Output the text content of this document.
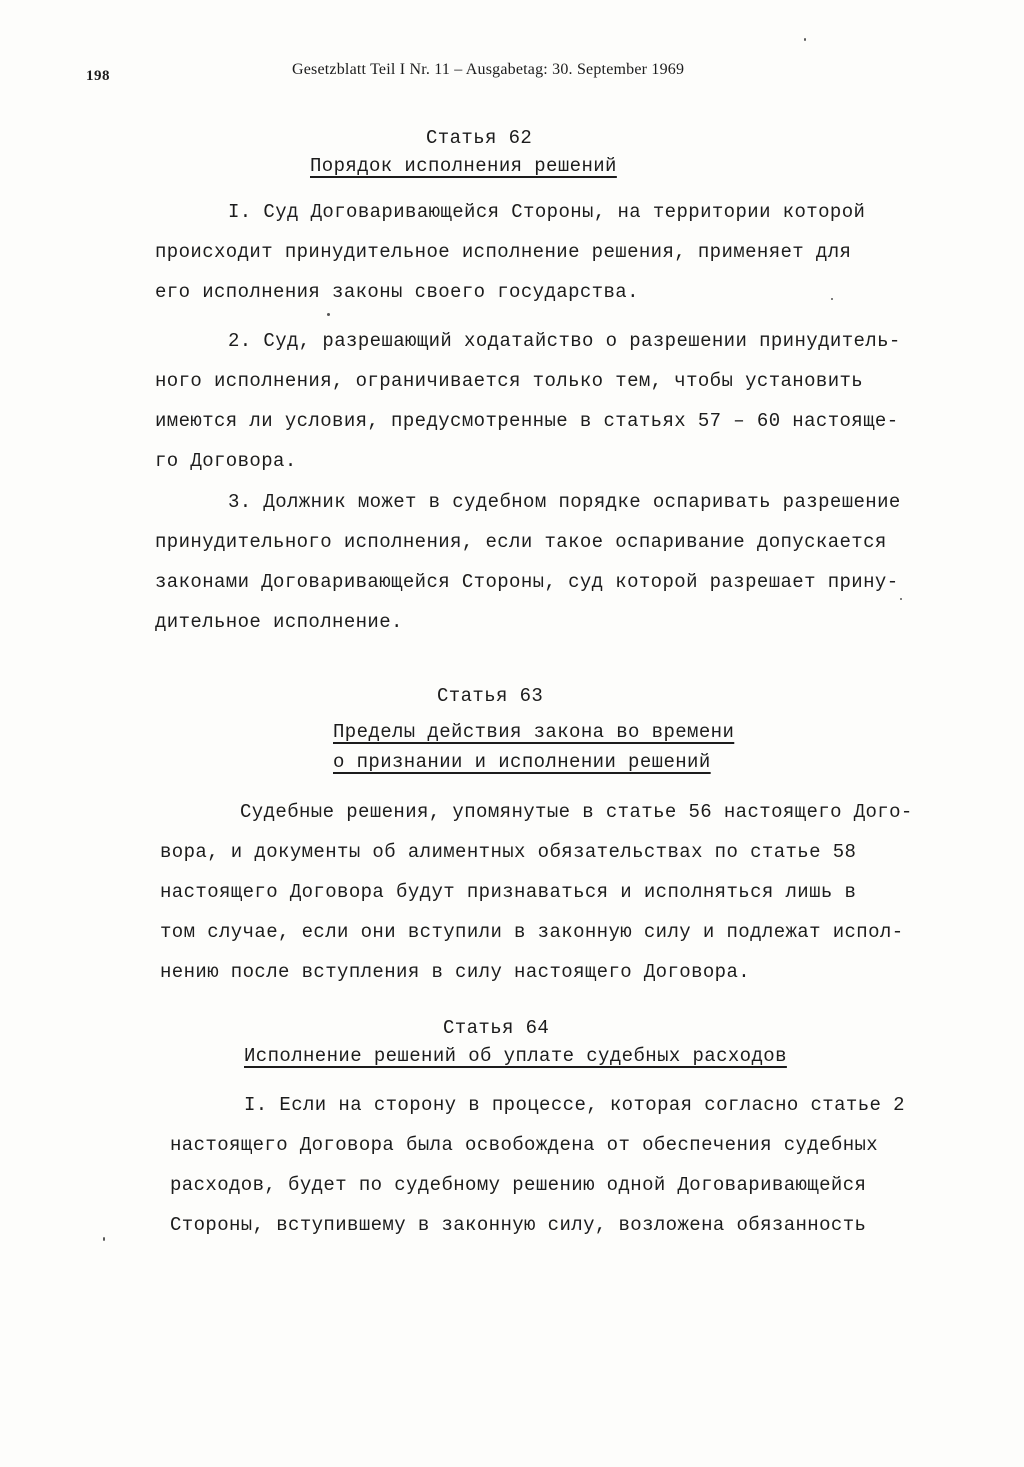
198	Gesetzblatt Teil I Nr. 11 – Ausgabetag: 30. September 1969
Статья 62
Порядок исполнения решений
I. Суд Договаривающейся Стороны, на территории которой
происходит принудительное исполнение решения, применяет для
его исполнения законы своего государства.
2. Суд, разрешающий ходатайство о разрешении принудитель-
ного исполнения, ограничивается только тем, чтобы установить
имеются ли условия, предусмотренные в статьях 57 – 60 настояще-
го Договора.
3. Должник может в судебном порядке оспаривать разрешение
принудительного исполнения, если такое оспаривание допускается
законами Договаривающейся Стороны, суд которой разрешает прину-
дительное исполнение.
Статья 63
Пределы действия закона во времени
о признании и исполнении решений
Судебные решения, упомянутые в статье 56 настоящего Дого-
вора, и документы об алиментных обязательствах по статье 58
настоящего Договора будут признаваться и исполняться лишь в
том случае, если они вступили в законную силу и подлежат испол-
нению после вступления в силу настоящего Договора.
Статья 64
Исполнение решений об уплате судебных расходов
I. Если на сторону в процессе, которая согласно статье 2
настоящего Договора была освобождена от обеспечения судебных
расходов, будет по судебному решению одной Договаривающейся
Стороны, вступившему в законную силу, возложена обязанность
